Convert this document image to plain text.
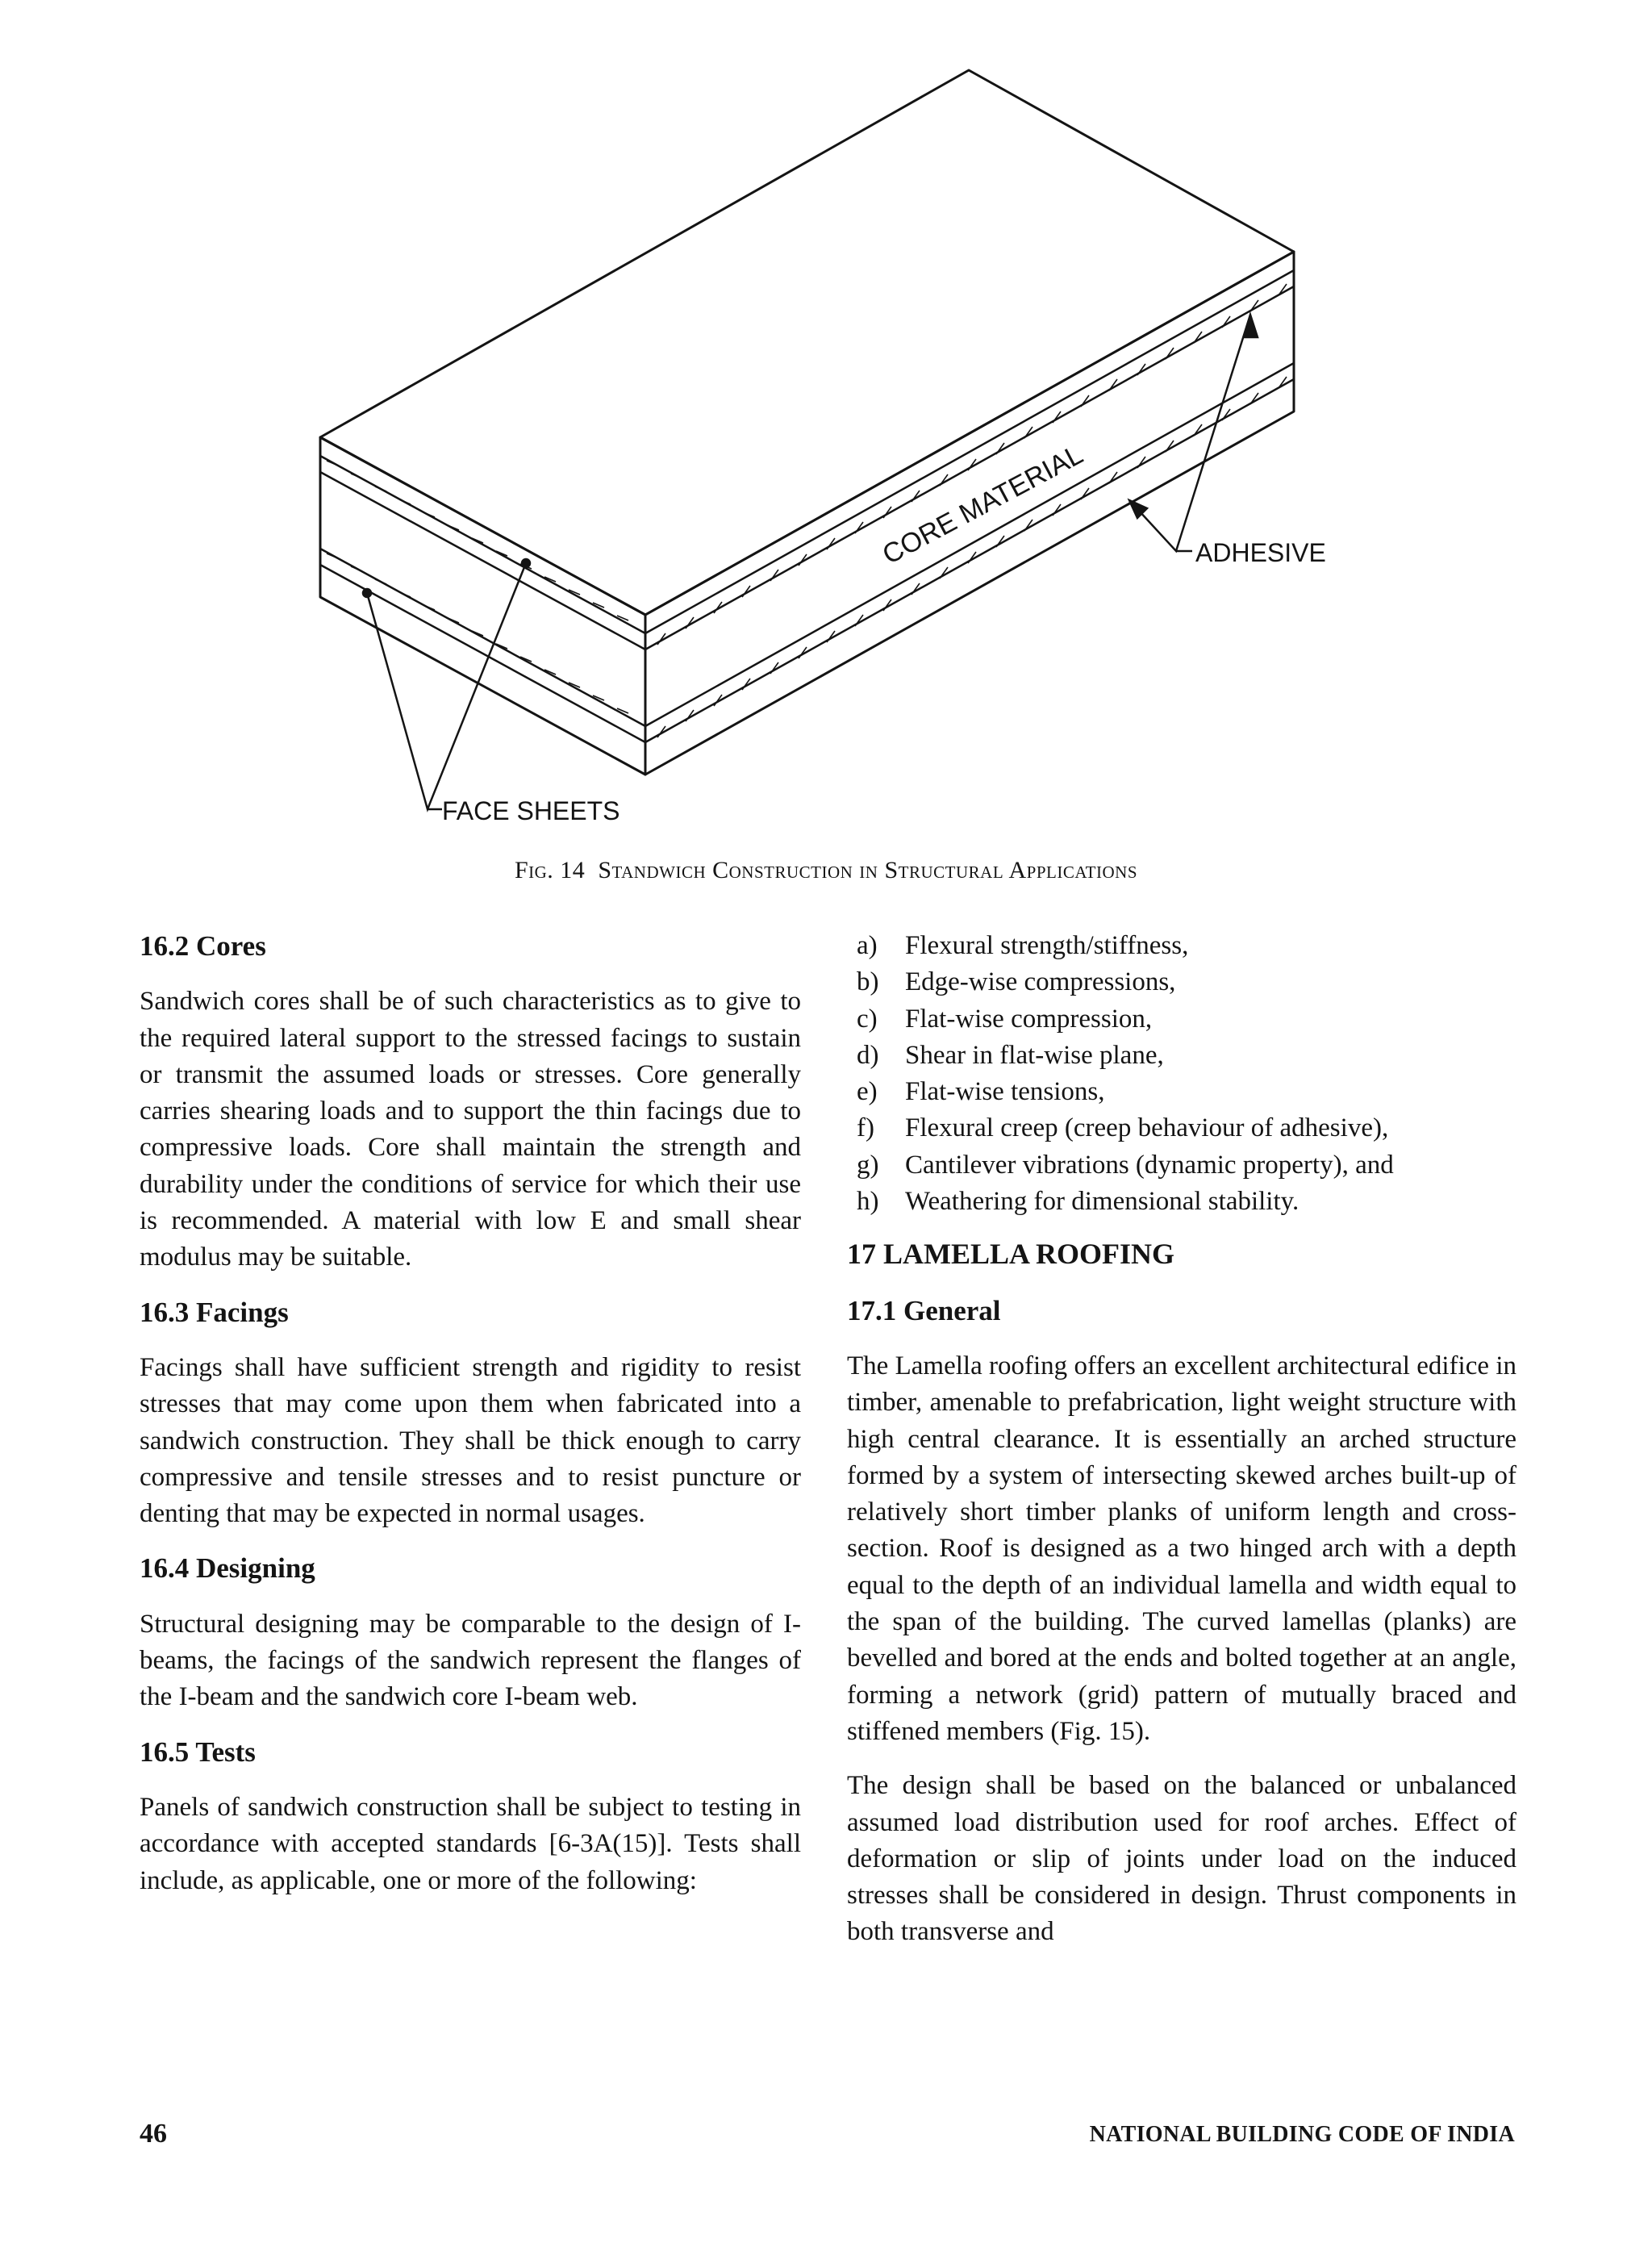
CORE MATERIAL	ADHESIVE
FACE SHEETS
Fig. 14 Standwich Construction in Structural Applications
16.2 Cores

Sandwich cores shall be of such characteristics as to give to the required lateral support to the stressed facings to sustain or transmit the assumed loads or stresses. Core generally carries shearing loads and to support the thin facings due to compressive loads. Core shall maintain the strength and durability under the conditions of service for which their use is recommended. A material with low E and small shear modulus may be suitable.

16.3 Facings

Facings shall have sufficient strength and rigidity to resist stresses that may come upon them when fabricated into a sandwich construction. They shall be thick enough to carry compressive and tensile stresses and to resist puncture or denting that may be expected in normal usages.

16.4 Designing

Structural designing may be comparable to the design of I-beams, the facings of the sandwich represent the flanges of the I-beam and the sandwich core I-beam web.

16.5 Tests

Panels of sandwich construction shall be subject to testing in accordance with accepted standards [6-3A(15)]. Tests shall include, as applicable, one or more of the following:

a)	Flexural strength/stiffness,
b) Edge-wise compressions,
c)	Flat-wise compression,
d) Shear in flat-wise plane,
e)	Flat-wise tensions,
f)	Flexural creep (creep behaviour of adhesive),
g) Cantilever vibrations (dynamic property), and
h) Weathering for dimensional stability.
17 LAMELLA ROOFING
17.1 General

The Lamella roofing offers an excellent architectural edifice in timber, amenable to prefabrication, light weight structure with high central clearance. It is essentially an arched structure formed by a system of intersecting skewed arches built-up of relatively short timber planks of uniform length and cross-section. Roof is designed as a two hinged arch with a depth equal to the depth of an individual lamella and width equal to the span of the building. The curved lamellas (planks) are bevelled and bored at the ends and bolted together at an angle, forming a network (grid) pattern of mutually braced and stiffened members (Fig. 15).

The design shall be based on the balanced or unbalanced assumed load distribution used for roof arches. Effect of deformation or slip of joints under load on the induced stresses shall be considered in design. Thrust components in both transverse and

46	NATIONAL BUILDING CODE OF INDIA
